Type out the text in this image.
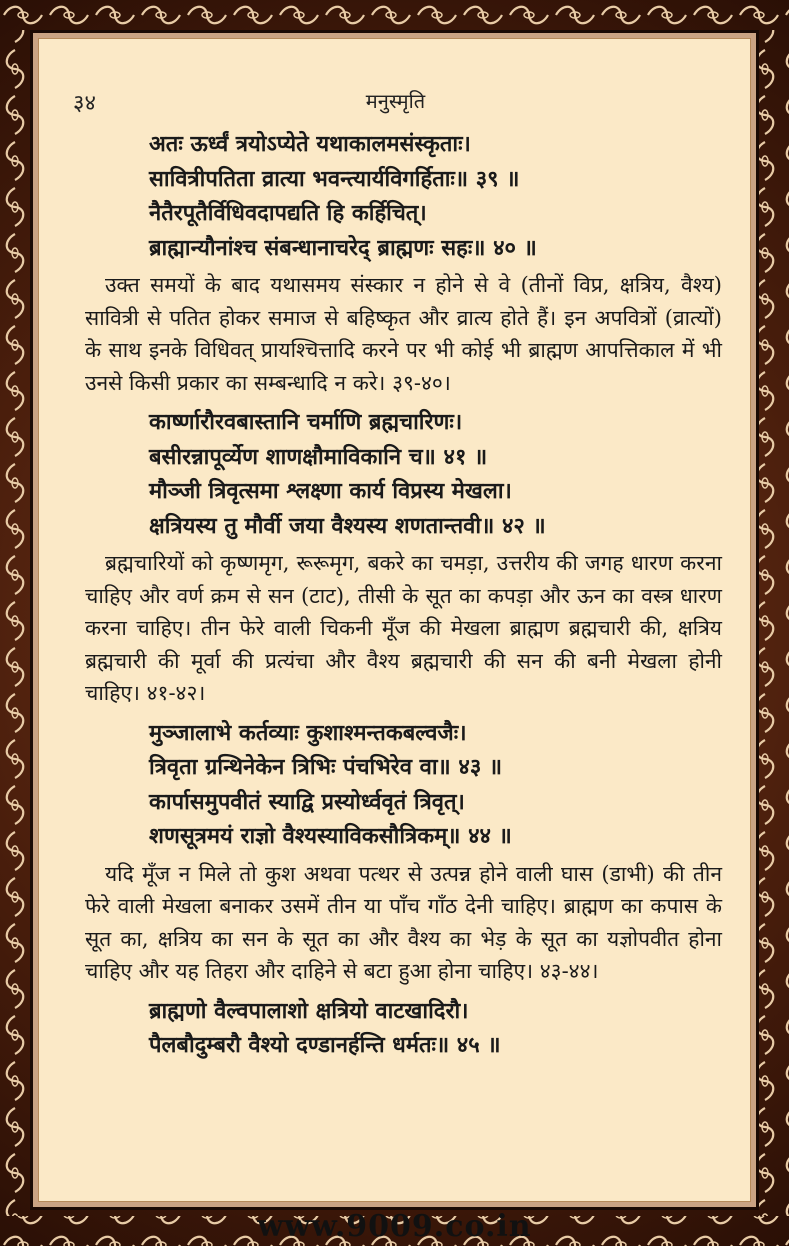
३४	मनुस्मृति
अतः ऊर्ध्वं त्रयोऽप्येते यथाकालमसंस्कृताः।
सावित्रीपतिता व्रात्या भवन्त्यार्यविगर्हिताः॥ ३९ ॥
नैतैरपूतैर्विधिवदापद्यति हि कर्हिचित्।
ब्राह्मान्यौनांश्च संबन्धानाचरेद् ब्राह्मणः सहः॥ ४० ॥
उक्त समयों के बाद यथासमय संस्कार न होने से वे (तीनों विप्र, क्षत्रिय, वैश्य) सावित्री से पतित होकर समाज से बहिष्कृत और व्रात्य होते हैं। इन अपवित्रों (व्रात्यों) के साथ इनके विधिवत् प्रायश्चित्तादि करने पर भी कोई भी ब्राह्मण आपत्तिकाल में भी उनसे किसी प्रकार का सम्बन्धादि न करे। ३९-४०।
कार्ष्णारौरवबास्तानि चर्माणि ब्रह्मचारिणः।
बसीरन्नापूर्व्येण शाणक्षौमाविकानि च॥ ४१ ॥
मौञ्जी त्रिवृत्समा श्लक्ष्णा कार्य विप्रस्य मेखला।
क्षत्रियस्य तु मौर्वी जया वैश्यस्य शणतान्तवी॥ ४२ ॥
ब्रह्मचारियों को कृष्णमृग, रूरूमृग, बकरे का चमड़ा, उत्तरीय की जगह धारण करना चाहिए और वर्ण क्रम से सन (टाट), तीसी के सूत का कपड़ा और ऊन का वस्त्र धारण करना चाहिए। तीन फेरे वाली चिकनी मूँज की मेखला ब्राह्मण ब्रह्मचारी की, क्षत्रिय ब्रह्मचारी की मूर्वा की प्रत्यंचा और वैश्य ब्रह्मचारी की सन की बनी मेखला होनी चाहिए। ४१-४२।
मुञ्जालाभे कर्तव्याः कुशाश्मन्तकबल्वजैः।
त्रिवृता ग्रन्थिनेकेन त्रिभिः पंचभिरेव वा॥ ४३ ॥
कार्पासमुपवीतं स्याद्वि प्रस्योर्ध्ववृतं त्रिवृत्।
शणसूत्रमयं राज्ञो वैश्यस्याविकसौत्रिकम्॥ ४४ ॥
यदि मूँज न मिले तो कुश अथवा पत्थर से उत्पन्न होने वाली घास (डाभी) की तीन फेरे वाली मेखला बनाकर उसमें तीन या पाँच गाँठ देनी चाहिए। ब्राह्मण का कपास के सूत का, क्षत्रिय का सन के सूत का और वैश्य का भेड़ के सूत का यज्ञोपवीत होना चाहिए और यह तिहरा और दाहिने से बटा हुआ होना चाहिए। ४३-४४।
ब्राह्मणो वैल्वपालाशो क्षत्रियो वाटखादिरौ।
पैलबौदुम्बरौ वैश्यो दण्डानर्हन्ति धर्मतः॥ ४५ ॥
www.9009.co.in
